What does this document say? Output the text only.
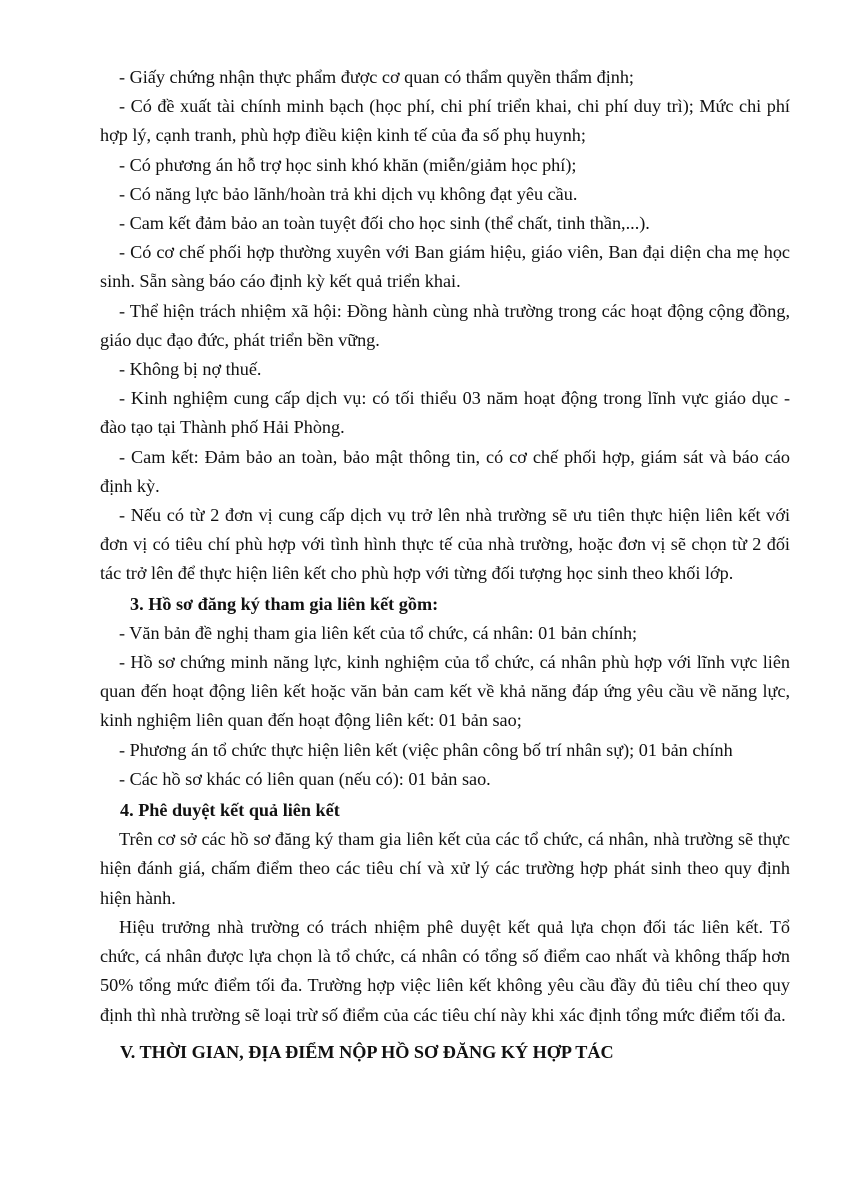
- Giấy chứng nhận thực phẩm được cơ quan có thẩm quyền thẩm định;

- Có đề xuất tài chính minh bạch (học phí, chi phí triển khai, chi phí duy trì); Mức chi phí hợp lý, cạnh tranh, phù hợp điều kiện kinh tế của đa số phụ huynh;

- Có phương án hỗ trợ học sinh khó khăn (miễn/giảm học phí);

- Có năng lực bảo lãnh/hoàn trả khi dịch vụ không đạt yêu cầu.

- Cam kết đảm bảo an toàn tuyệt đối cho học sinh (thể chất, tinh thần,...).

- Có cơ chế phối hợp thường xuyên với Ban giám hiệu, giáo viên, Ban đại diện cha mẹ học sinh. Sẵn sàng báo cáo định kỳ kết quả triển khai.

- Thể hiện trách nhiệm xã hội: Đồng hành cùng nhà trường trong các hoạt động cộng đồng, giáo dục đạo đức, phát triển bền vững.

- Không bị nợ thuế.

- Kinh nghiệm cung cấp dịch vụ: có tối thiểu 03 năm hoạt động trong lĩnh vực giáo dục - đào tạo tại Thành phố Hải Phòng.

- Cam kết: Đảm bảo an toàn, bảo mật thông tin, có cơ chế phối hợp, giám sát và báo cáo định kỳ.

- Nếu có từ 2 đơn vị cung cấp dịch vụ trở lên nhà trường sẽ ưu tiên thực hiện liên kết với đơn vị có tiêu chí phù hợp với tình hình thực tế của nhà trường, hoặc đơn vị sẽ chọn từ 2 đối tác trở lên để thực hiện liên kết cho phù hợp với từng đối tượng học sinh theo khối lớp.

3. Hồ sơ đăng ký tham gia liên kết gồm:

- Văn bản đề nghị tham gia liên kết của tổ chức, cá nhân: 01 bản chính;

- Hồ sơ chứng minh năng lực, kinh nghiệm của tổ chức, cá nhân phù hợp với lĩnh vực liên quan đến hoạt động liên kết hoặc văn bản cam kết về khả năng đáp ứng yêu cầu về năng lực, kinh nghiệm liên quan đến hoạt động liên kết: 01 bản sao;

- Phương án tổ chức thực hiện liên kết (việc phân công bố trí nhân sự); 01 bản chính

- Các hồ sơ khác có liên quan (nếu có): 01 bản sao.

4. Phê duyệt kết quả liên kết

Trên cơ sở các hồ sơ đăng ký tham gia liên kết của các tổ chức, cá nhân, nhà trường sẽ thực hiện đánh giá, chấm điểm theo các tiêu chí và xử lý các trường hợp phát sinh theo quy định hiện hành.

Hiệu trưởng nhà trường có trách nhiệm phê duyệt kết quả lựa chọn đối tác liên kết. Tổ chức, cá nhân được lựa chọn là tổ chức, cá nhân có tổng số điểm cao nhất và không thấp hơn 50% tổng mức điểm tối đa. Trường hợp việc liên kết không yêu cầu đầy đủ tiêu chí theo quy định thì nhà trường sẽ loại trừ số điểm của các tiêu chí này khi xác định tổng mức điểm tối đa.

V. THỜI GIAN, ĐỊA ĐIỂM NỘP HỒ SƠ ĐĂNG KÝ HỢP TÁC
